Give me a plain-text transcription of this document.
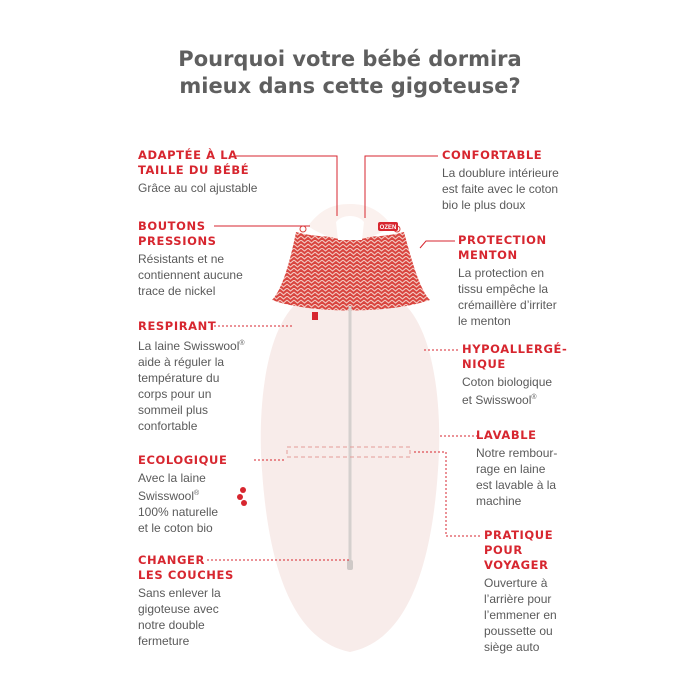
OZEN
Pourquoi votre bébé dormira
mieux dans cette gigoteuse?
ADAPTÉE À LA
TAILLE DU BÉBÉ
Grâce au col ajustable
BOUTONS
PRESSIONS
Résistants et ne
contiennent aucune
trace de nickel
RESPIRANT
La laine Swisswool®
aide à réguler la
température du
corps pour un
sommeil plus
confortable
ECOLOGIQUE
Avec la laine
Swisswool®
100% naturelle
et le coton bio
CHANGER
LES COUCHES
Sans enlever la
gigoteuse avec
notre double
fermeture
CONFORTABLE
La doublure intérieure
est faite avec le coton
bio le plus doux
PROTECTION
MENTON
La protection en
tissu empêche la
crémaillère d’irriter
le menton
HYPOALLERGÉ-
NIQUE
Coton biologique
et Swisswool®
LAVABLE
Notre rembour-
rage en laine
est lavable à la
machine
PRATIQUE
POUR
VOYAGER
Ouverture à
l’arrière pour
l’emmener en
poussette ou
siège auto
